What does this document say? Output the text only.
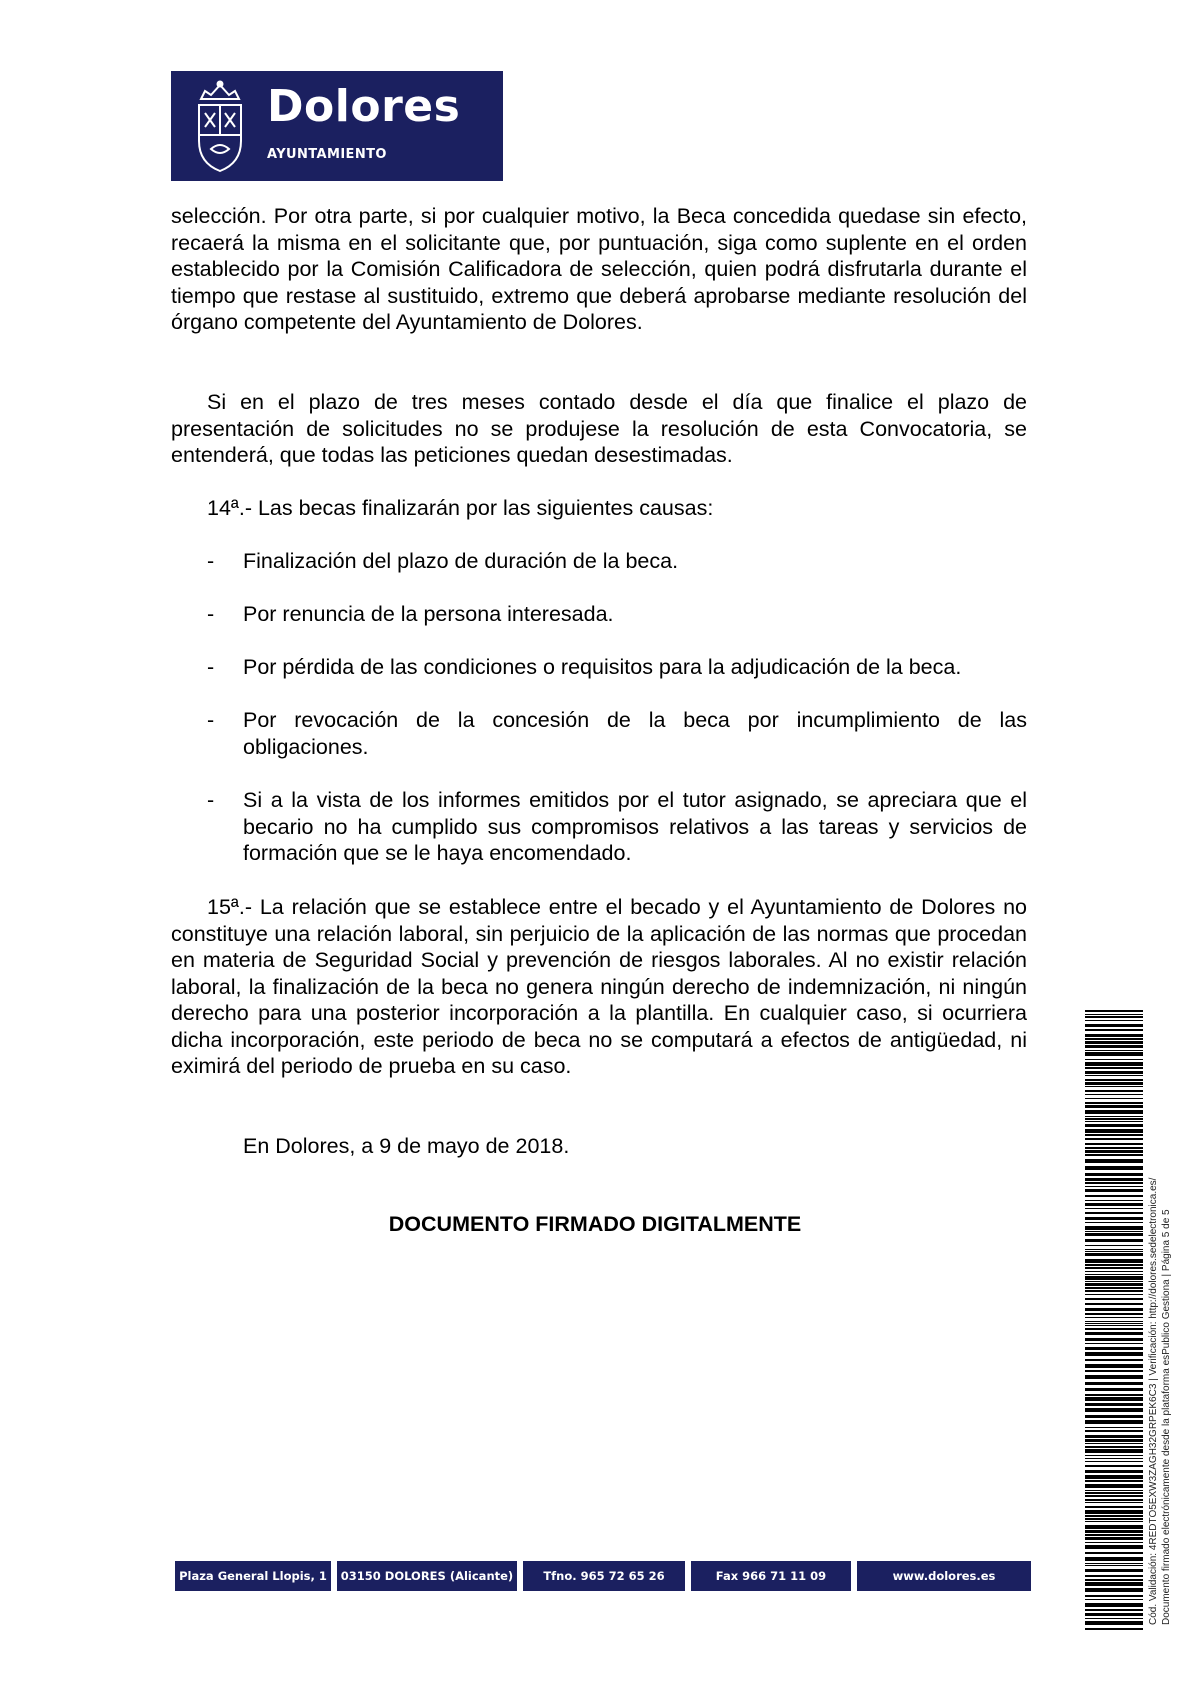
Dolores
AYUNTAMIENTO

selección. Por otra parte, si por cualquier motivo, la Beca concedida quedase sin efecto, recaerá la misma en el solicitante que, por puntuación, siga como suplente en el orden establecido por la Comisión Calificadora de selección, quien podrá disfrutarla durante el tiempo que restase al sustituido, extremo que deberá aprobarse mediante resolución del órgano competente del Ayuntamiento de Dolores.

Si en el plazo de tres meses contado desde el día que finalice el plazo de presentación de solicitudes no se produjese la resolución de esta Convocatoria, se entenderá, que todas las peticiones quedan desestimadas.

14ª.- Las becas finalizarán por las siguientes causas:

- Finalización del plazo de duración de la beca.
- Por renuncia de la persona interesada.
- Por pérdida de las condiciones o requisitos para la adjudicación de la beca.
- Por revocación de la concesión de la beca por incumplimiento de las obligaciones.
- Si a la vista de los informes emitidos por el tutor asignado, se apreciara que el becario no ha cumplido sus compromisos relativos a las tareas y servicios de formación que se le haya encomendado.

15ª.- La relación que se establece entre el becado y el Ayuntamiento de Dolores no constituye una relación laboral, sin perjuicio de la aplicación de las normas que procedan en materia de Seguridad Social y prevención de riesgos laborales. Al no existir relación laboral, la finalización de la beca no genera ningún derecho de indemnización, ni ningún derecho para una posterior incorporación a la plantilla. En cualquier caso, si ocurriera dicha incorporación, este periodo de beca no se computará a efectos de antigüedad, ni eximirá del periodo de prueba en su caso.

En Dolores, a 9 de mayo de 2018.
DOCUMENTO FIRMADO DIGITALMENTE
Plaza General Llopis, 1	03150 DOLORES (Alicante)	Tfno. 965 72 65 26	Fax 966 71 11 09	www.dolores.es	Cód. Validación: 4REDTO5EXW3ZAGH32GRPEK6C3 | Verificación: http://dolores.sedelectronica.es/ Documento firmado electrónicamente desde la plataforma esPublico Gestiona | Página 5 de 5
